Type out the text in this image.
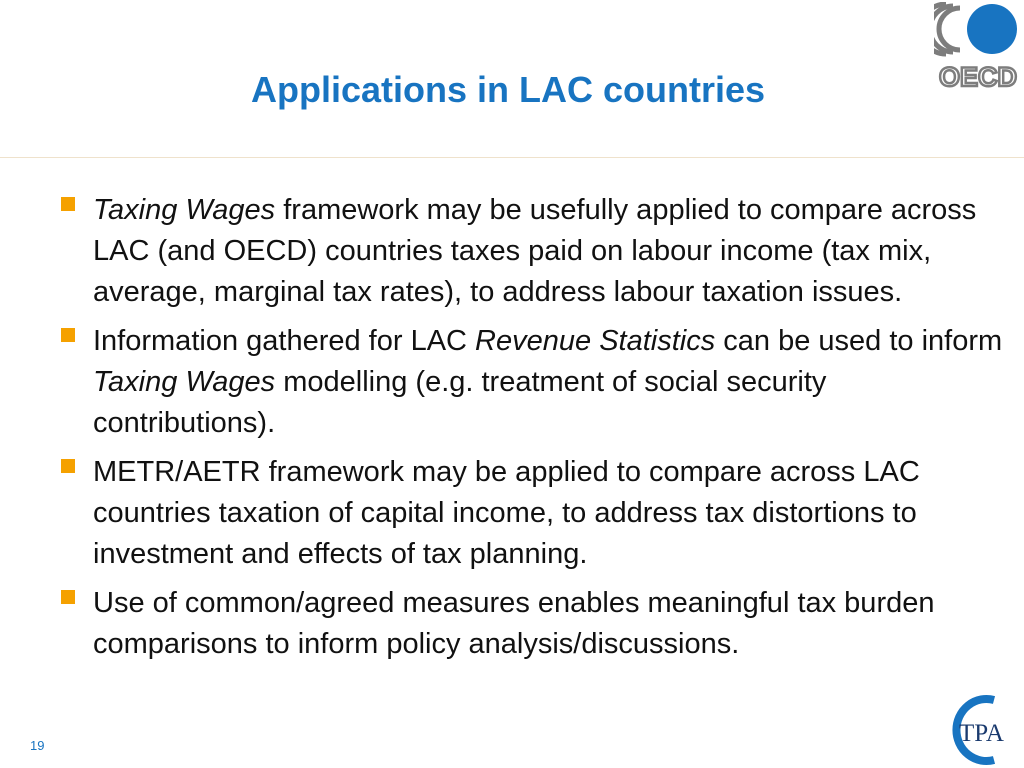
Applications in LAC countries	OECD
Taxing Wages framework may be usefully applied to compare across LAC (and OECD) countries taxes paid on labour income (tax mix, average, marginal tax rates), to address labour taxation issues.
Information gathered for LAC Revenue Statistics can be used to inform Taxing Wages modelling (e.g. treatment of social security contributions).
METR/AETR framework may be applied to compare across LAC countries taxation of capital income, to address tax distortions to investment and effects of tax planning.
Use of common/agreed measures enables meaningful tax burden comparisons to inform policy analysis/discussions.
19	TPA
